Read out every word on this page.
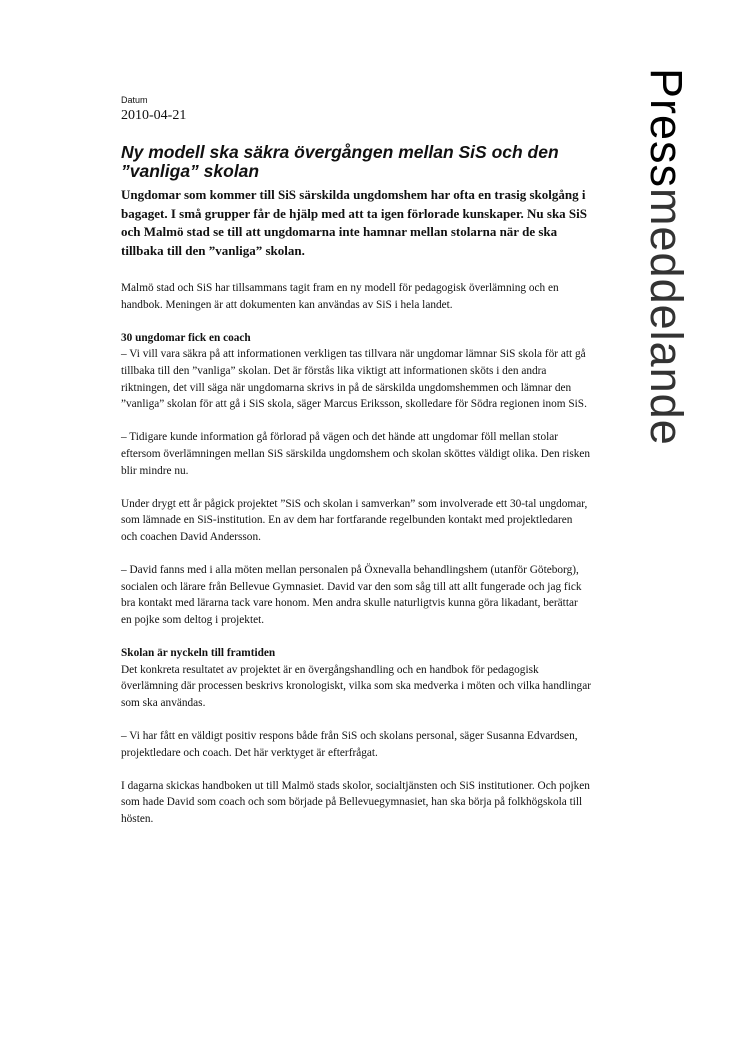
Datum
2010-04-21
Ny modell ska säkra övergången mellan SiS och den ”vanliga” skolan

Ungdomar som kommer till SiS särskilda ungdomshem har ofta en trasig skolgång i bagaget. I små grupper får de hjälp med att ta igen förlorade kunskaper. Nu ska SiS och Malmö stad se till att ungdomarna inte hamnar mellan stolarna när de ska tillbaka till den ”vanliga” skolan.

Malmö stad och SiS har tillsammans tagit fram en ny modell för pedagogisk överlämning och en handbok. Meningen är att dokumenten kan användas av SiS i hela landet.

30 ungdomar fick en coach
– Vi vill vara säkra på att informationen verkligen tas tillvara när ungdomar lämnar SiS skola för att gå tillbaka till den ”vanliga” skolan. Det är förstås lika viktigt att informationen sköts i den andra riktningen, det vill säga när ungdomarna skrivs in på de särskilda ungdomshemmen och lämnar den ”vanliga” skolan för att gå i SiS skola, säger Marcus Eriksson, skolledare för Södra regionen inom SiS.

– Tidigare kunde information gå förlorad på vägen och det hände att ungdomar föll mellan stolar eftersom överlämningen mellan SiS särskilda ungdomshem och skolan sköttes väldigt olika. Den risken blir mindre nu.

Under drygt ett år pågick projektet ”SiS och skolan i samverkan” som involverade ett 30-tal ungdomar, som lämnade en SiS-institution. En av dem har fortfarande regelbunden kontakt med projektledaren och coachen David Andersson.

– David fanns med i alla möten mellan personalen på Öxnevalla behandlingshem (utanför Göteborg), socialen och lärare från Bellevue Gymnasiet. David var den som såg till att allt fungerade och jag fick bra kontakt med lärarna tack vare honom. Men andra skulle naturligtvis kunna göra likadant, berättar en pojke som deltog i projektet.

Skolan är nyckeln till framtiden
Det konkreta resultatet av projektet är en övergångshandling och en handbok för pedagogisk överlämning där processen beskrivs kronologiskt, vilka som ska medverka i möten och vilka handlingar som ska användas.

– Vi har fått en väldigt positiv respons både från SiS och skolans personal, säger Susanna Edvardsen, projektledare och coach. Det här verktyget är efterfrågat.

I dagarna skickas handboken ut till Malmö stads skolor, socialtjänsten och SiS institutioner. Och pojken som hade David som coach och som började på Bellevuegymnasiet, han ska börja på folkhögskola till hösten.

Pressmeddelande
